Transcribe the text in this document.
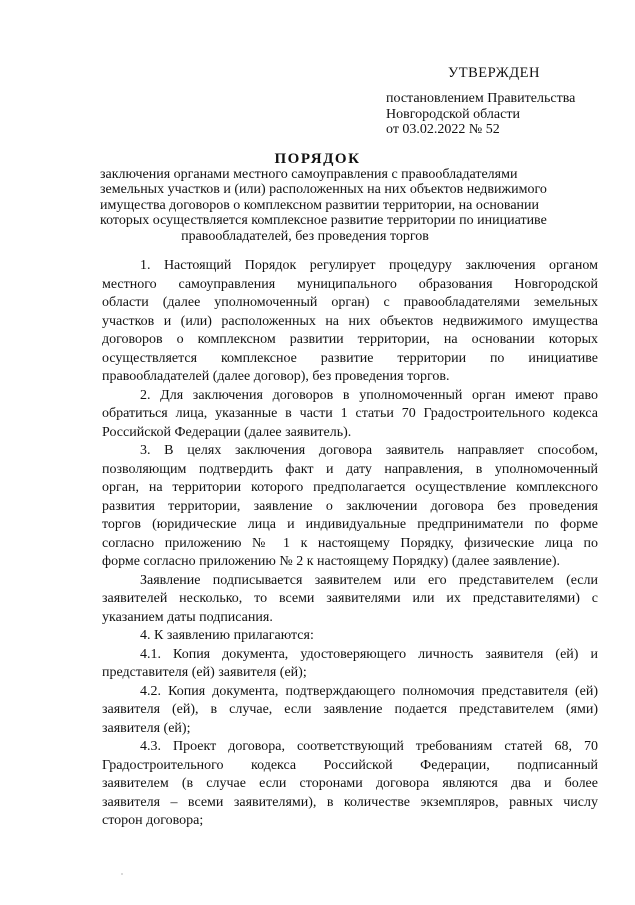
УТВЕРЖДЕН
постановлением Правительства
Новгородской области
от 03.02.2022 № 52
ПОРЯДОК
заключения органами местного самоуправления с правообладателями
земельных участков и (или) расположенных на них объектов недвижимого
имущества договоров о комплексном развитии территории, на основании
которых осуществляется комплексное развитие территории по инициативе
правообладателей, без проведения торгов
1. Настоящий Порядок регулирует процедуру заключения органом
местного самоуправления муниципального образования Новгородской
области (далее уполномоченный орган) с правообладателями земельных
участков и (или) расположенных на них объектов недвижимого имущества
договоров о комплексном развитии территории, на основании которых
осуществляется комплексное развитие территории по инициативе
правообладателей (далее договор), без проведения торгов.
2. Для заключения договоров в уполномоченный орган имеют право
обратиться лица, указанные в части 1 статьи 70 Градостроительного кодекса
Российской Федерации (далее заявитель).
3. В целях заключения договора заявитель направляет способом,
позволяющим подтвердить факт и дату направления, в уполномоченный
орган, на территории которого предполагается осуществление комплексного
развития территории, заявление о заключении договора без проведения
торгов (юридические лица и индивидуальные предприниматели по форме
согласно приложению № 1 к настоящему Порядку, физические лица по
форме согласно приложению № 2 к настоящему Порядку) (далее заявление).
Заявление подписывается заявителем или его представителем (если
заявителей несколько, то всеми заявителями или их представителями) с
указанием даты подписания.
4. К заявлению прилагаются:
4.1. Копия документа, удостоверяющего личность заявителя (ей) и
представителя (ей) заявителя (ей);
4.2. Копия документа, подтверждающего полномочия представителя (ей)
заявителя (ей), в случае, если заявление подается представителем (ями)
заявителя (ей);
4.3. Проект договора, соответствующий требованиям статей 68, 70
Градостроительного кодекса Российской Федерации, подписанный
заявителем (в случае если сторонами договора являются два и более
заявителя – всеми заявителями), в количестве экземпляров, равных числу
сторон договора;
